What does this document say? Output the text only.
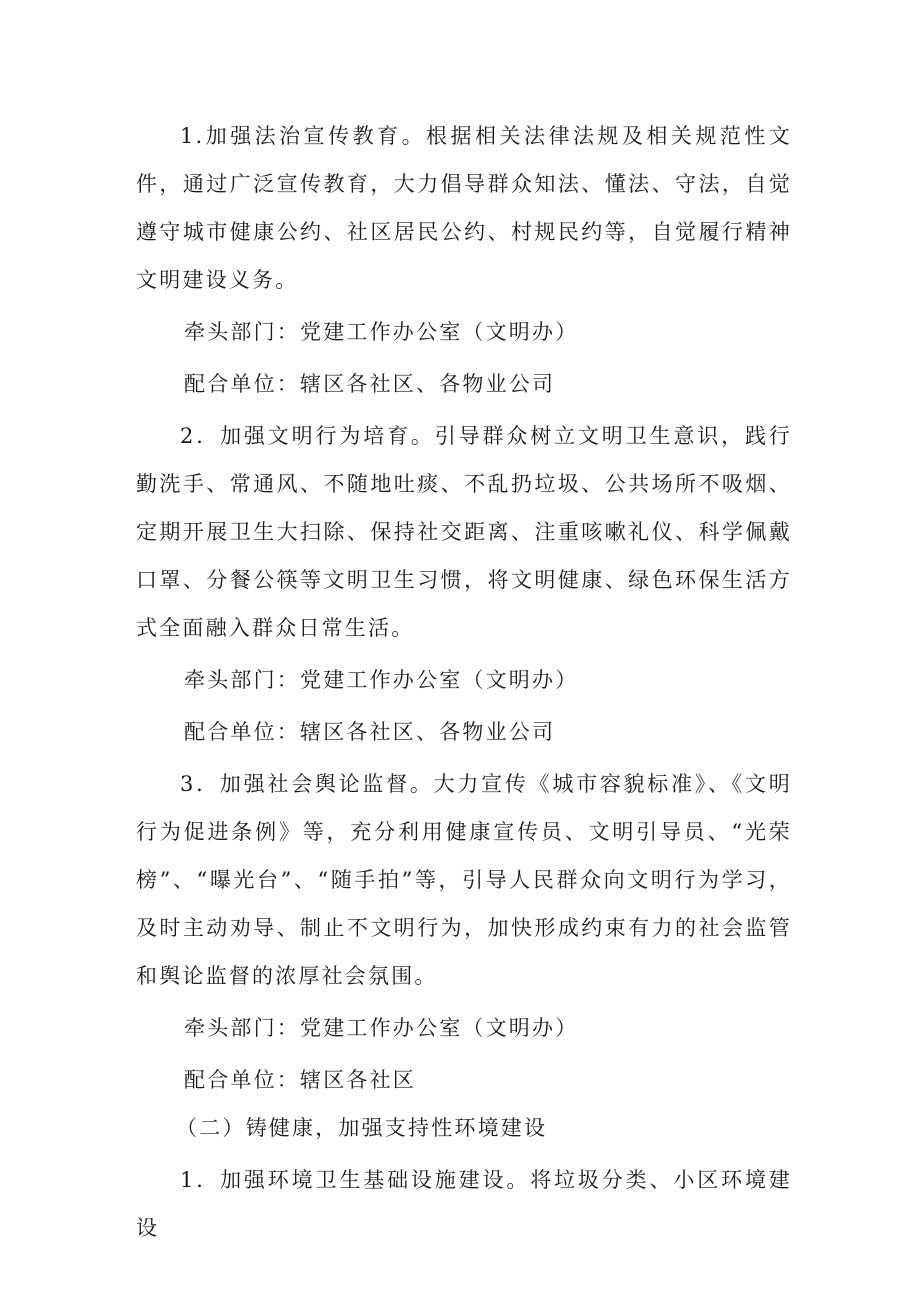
1.加强法治宣传教育。根据相关法律法规及相关规范性文件，通过广泛宣传教育，大力倡导群众知法、懂法、守法，自觉遵守城市健康公约、社区居民公约、村规民约等，自觉履行精神文明建设义务。

牵头部门：党建工作办公室（文明办）

配合单位：辖区各社区、各物业公司

2．加强文明行为培育。引导群众树立文明卫生意识，践行勤洗手、常通风、不随地吐痰、不乱扔垃圾、公共场所不吸烟、定期开展卫生大扫除、保持社交距离、注重咳嗽礼仪、科学佩戴口罩、分餐公筷等文明卫生习惯，将文明健康、绿色环保生活方式全面融入群众日常生活。

牵头部门：党建工作办公室（文明办）

配合单位：辖区各社区、各物业公司

3．加强社会舆论监督。大力宣传《城市容貌标准》、《文明行为促进条例》等，充分利用健康宣传员、文明引导员、“光荣榜”、“曝光台”、“随手拍”等，引导人民群众向文明行为学习，及时主动劝导、制止不文明行为，加快形成约束有力的社会监管和舆论监督的浓厚社会氛围。

牵头部门：党建工作办公室（文明办）

配合单位：辖区各社区

（二）铸健康，加强支持性环境建设

1．加强环境卫生基础设施建设。将垃圾分类、小区环境建设
